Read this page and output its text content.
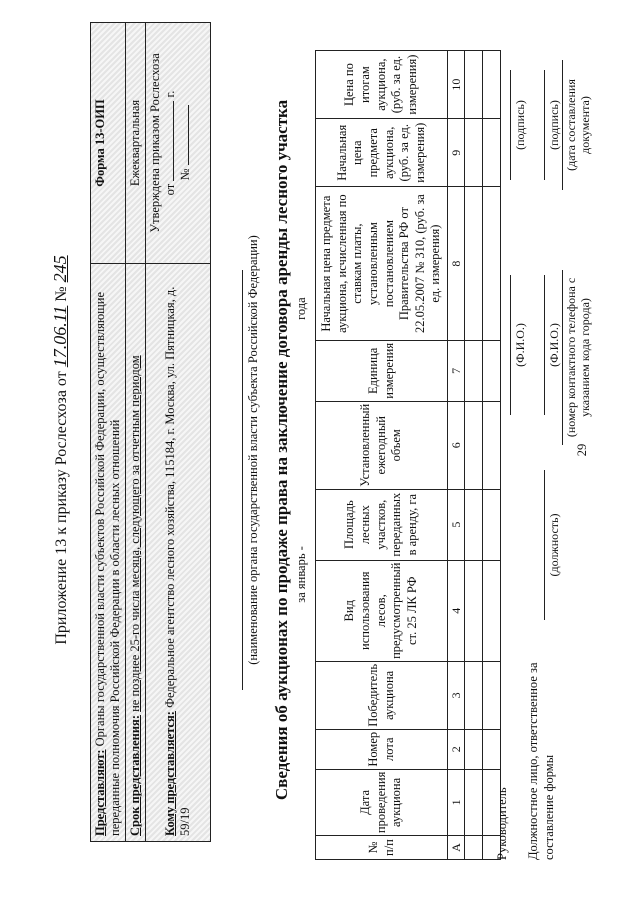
Приложение 13 к приказу Рослесхоза от 17.06.11 № 245
Представляют: Органы государственной власти субъектов Российской Федерации, осуществляющие переданные полномочия Российской Федерации в области лесных отношений	Форма 13-ОИП
Срок представления: не позднее 25-го числа месяца, следующего за отчетным периодом	Ежеквартальная
Кому представляется: Федеральное агентство лесного хозяйства, 115184, г. Москва, ул. Пятницкая, д. 59/19	Утверждена приказом Рослесхоза от  г.
№
(наименование органа государственной власти субъекта Российской Федерации) Сведения об аукционах по продаже права на заключение договора аренды лесного участка за январь -  года
№ п/п	Дата проведения аукциона	Номер лота	Победитель аукциона	Вид использования лесов, предусмотренный ст. 25 ЛК РФ	Площадь лесных участков, переданных в аренду, га	Установленный ежегодный объем	Единица измерения	Начальная цена предмета аукциона, исчисленная по ставкам платы, установленным постановлением Правительства РФ от 22.05.2007 № 310, (руб. за ед. измерения)	Начальная цена предмета аукциона, (руб. за ед. измерения)	Цена по итогам аукциона, (руб. за ед. измерения)
А	1	2	3	4	5	6	7	8	9	10

Руководитель
(Ф.И.О.)
(подпись)
Должностное лицо, ответственное за составление формы
(должность)
(Ф.И.О.)
(подпись)
(номер контактного телефона с указанием кода города)
(дата составления документа)
29
